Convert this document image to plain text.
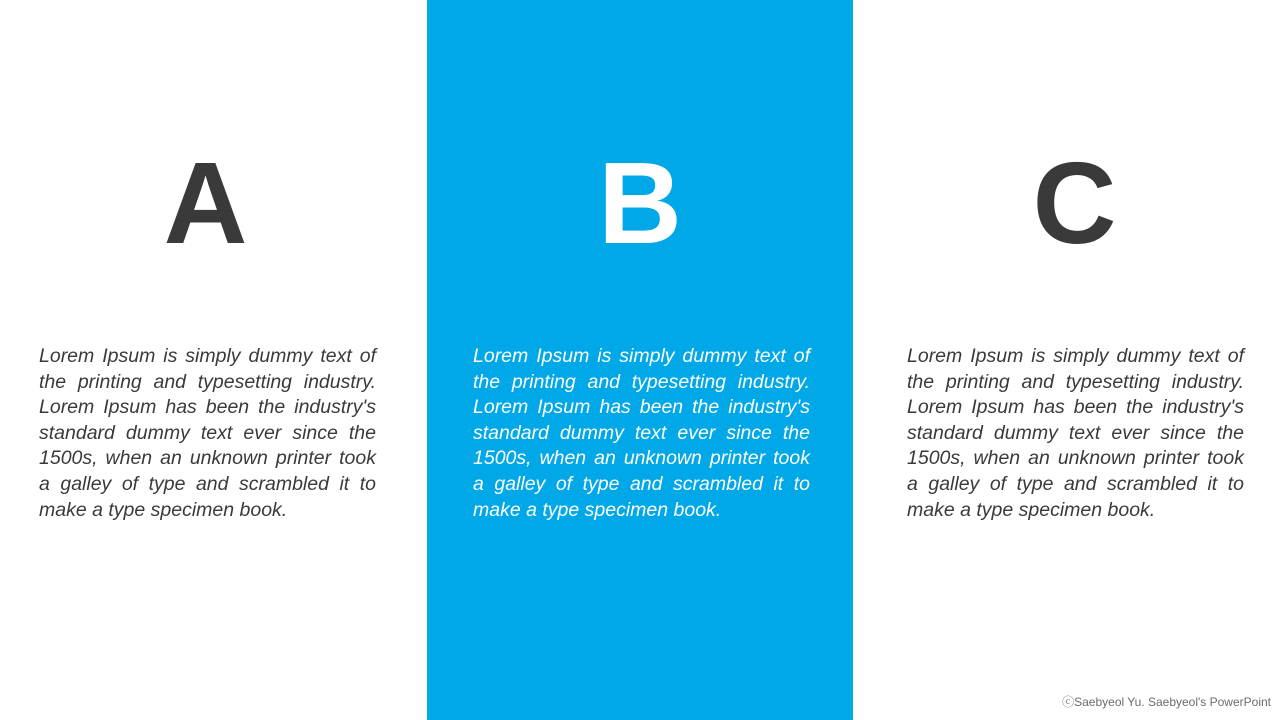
A

Lorem Ipsum is simply dummy text of the printing and typesetting industry. Lorem Ipsum has been the industry's standard dummy text ever since the 1500s, when an unknown printer took a galley of type and scrambled it to make a type specimen book.

B

Lorem Ipsum is simply dummy text of the printing and typesetting industry. Lorem Ipsum has been the industry's standard dummy text ever since the 1500s, when an unknown printer took a galley of type and scrambled it to make a type specimen book.

C

Lorem Ipsum is simply dummy text of the printing and typesetting industry. Lorem Ipsum has been the industry's standard dummy text ever since the 1500s, when an unknown printer took a galley of type and scrambled it to make a type specimen book.

ⓒSaebyeol Yu. Saebyeol's PowerPoint
